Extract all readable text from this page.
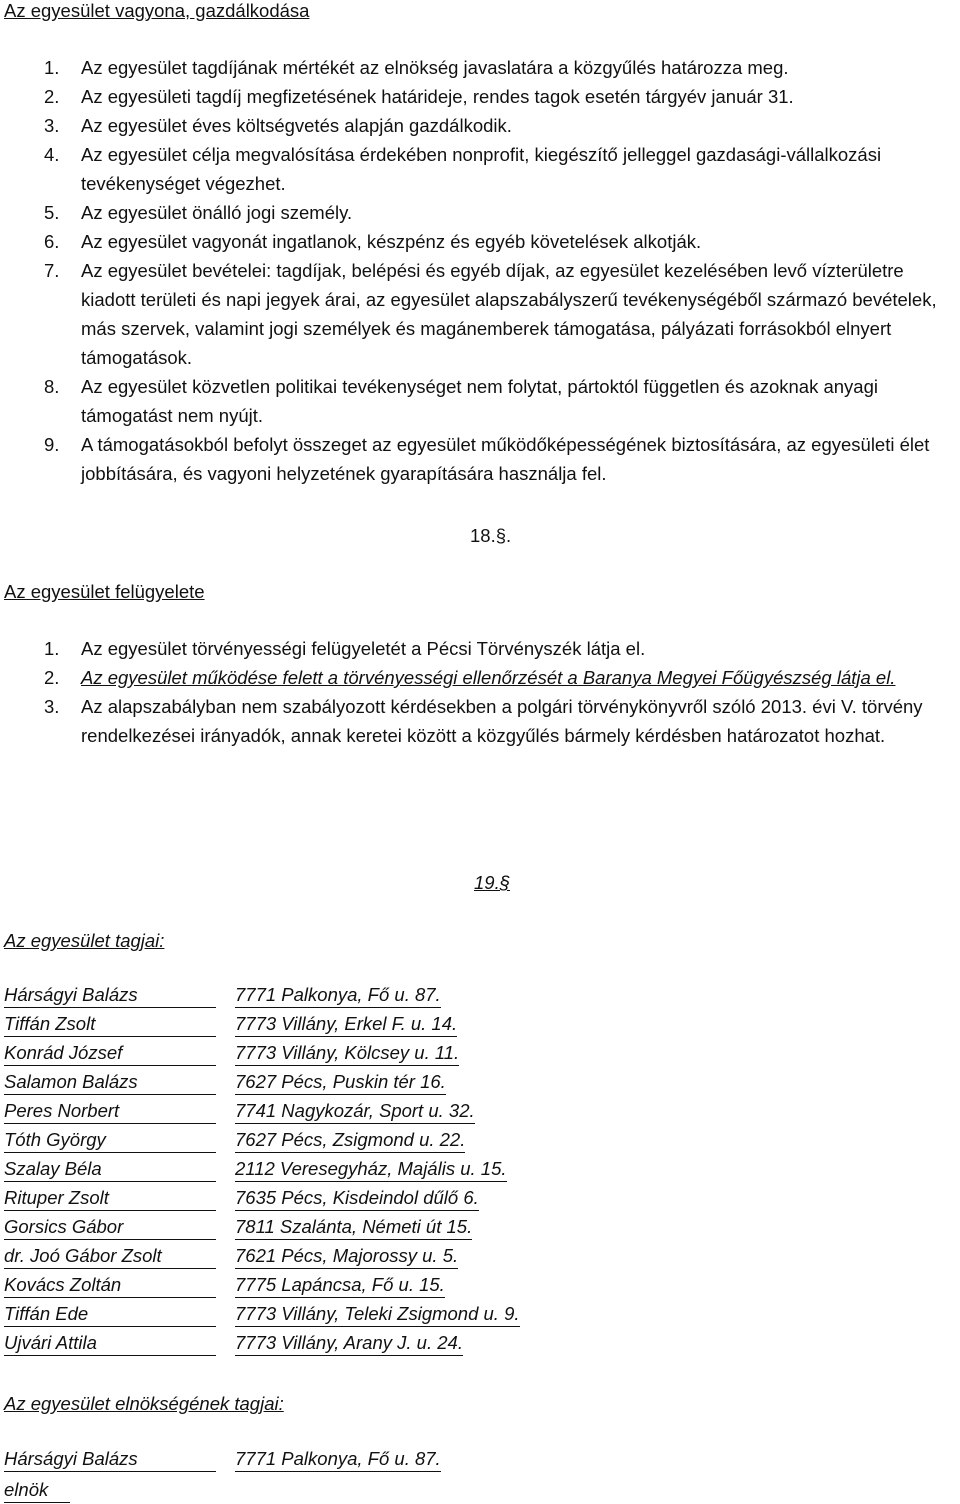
Az egyesület vagyona, gazdálkodása
1. Az egyesület tagdíjának mértékét az elnökség javaslatára a közgyűlés határozza meg.
2. Az egyesületi tagdíj megfizetésének határideje, rendes tagok esetén tárgyév január 31.
3. Az egyesület éves költségvetés alapján gazdálkodik.
4. Az egyesület célja megvalósítása érdekében nonprofit, kiegészítő jelleggel gazdasági-vállalkozási tevékenységet végezhet.
5. Az egyesület önálló jogi személy.
6. Az egyesület vagyonát ingatlanok, készpénz és egyéb követelések alkotják.
7. Az egyesület bevételei: tagdíjak, belépési és egyéb díjak, az egyesület kezelésében levő vízterületre kiadott területi és napi jegyek árai, az egyesület alapszabályszerű tevékenységéből származó bevételek, más szervek, valamint jogi személyek és magánemberek támogatása, pályázati forrásokból elnyert támogatások.
8. Az egyesület közvetlen politikai tevékenységet nem folytat, pártoktól független és azoknak anyagi támogatást nem nyújt.
9. A támogatásokból befolyt összeget az egyesület működőképességének biztosítására, az egyesületi élet jobbítására, és vagyoni helyzetének gyarapítására használja fel.
18.§.
Az egyesület felügyelete
1. Az egyesület törvényességi felügyeletét a Pécsi Törvényszék látja el.
2. Az egyesület működése felett a törvényességi ellenőrzését a Baranya Megyei Főügyészség látja el.
3. Az alapszabályban nem szabályozott kérdésekben a polgári törvénykönyvről szóló 2013. évi V. törvény rendelkezései irányadók, annak keretei között a közgyűlés bármely kérdésben határozatot hozhat.
19.§
Az egyesület tagjai:
Hárságyi Balázs	7771 Palkonya, Fő u. 87.
Tiffán Zsolt	7773 Villány, Erkel F. u. 14.
Konrád József	7773 Villány, Kölcsey u. 11.
Salamon Balázs	7627 Pécs, Puskin tér 16.
Peres Norbert	7741 Nagykozár, Sport u. 32.
Tóth György	7627 Pécs, Zsigmond u. 22.
Szalay Béla	2112 Veresegyház, Majális u. 15.
Rituper Zsolt	7635 Pécs, Kisdeindol dűlő 6.
Gorsics Gábor	7811 Szalánta, Németi út 15.
dr. Joó Gábor Zsolt	7621 Pécs, Majorossy u. 5.
Kovács Zoltán	7775 Lapáncsa, Fő u. 15.
Tiffán Ede	7773 Villány, Teleki Zsigmond u. 9.
Ujvári Attila	7773 Villány, Arany J. u. 24.
Az egyesület elnökségének tagjai:
Hárságyi Balázs	7771 Palkonya, Fő u. 87.
elnök
